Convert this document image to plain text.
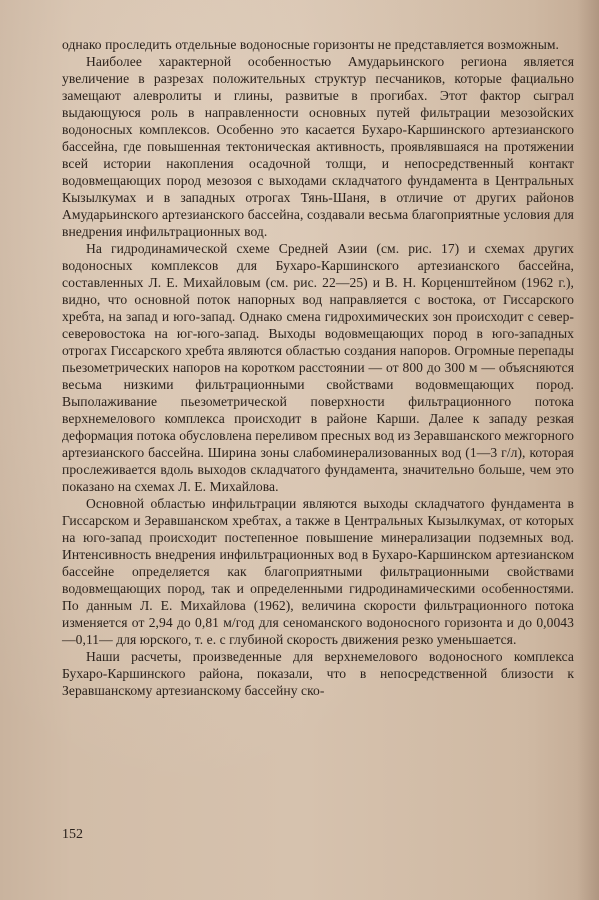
однако проследить отдельные водоносные горизонты не представляется возможным.

Наиболее характерной особенностью Амударьинского региона является увеличение в разрезах положительных структур песчаников, которые фациально замещают алевролиты и глины, развитые в прогибах. Этот фактор сыграл выдающуюся роль в направленности основных путей фильтрации мезозойских водоносных комплексов. Особенно это касается Бухаро-Каршинского артезианского бассейна, где повышенная тектоническая активность, проявлявшаяся на протяжении всей истории накопления осадочной толщи, и непосредственный контакт водовмещающих пород мезозоя с выходами складчатого фундамента в Центральных Кызылкумах и в западных отрогах Тянь-Шаня, в отличие от других районов Амударьинского артезианского бассейна, создавали весьма благоприятные условия для внедрения инфильтрационных вод.

На гидродинамической схеме Средней Азии (см. рис. 17) и схемах других водоносных комплексов для Бухаро-Каршинского артезианского бассейна, составленных Л. Е. Михайловым (см. рис. 22—25) и В. Н. Корценштейном (1962 г.), видно, что основной поток напорных вод направляется с востока, от Гиссарского хребта, на запад и юго-запад. Однако смена гидрохимических зон происходит с север-северовостока на юг-юго-запад. Выходы водовмещающих пород в юго-западных отрогах Гиссарского хребта являются областью создания напоров. Огромные перепады пьезометрических напоров на коротком расстоянии — от 800 до 300 м — объясняются весьма низкими фильтрационными свойствами водовмещающих пород. Выполаживание пьезометрической поверхности фильтрационного потока верхнемелового комплекса происходит в районе Карши. Далее к западу резкая деформация потока обусловлена переливом пресных вод из Зеравшанского межгорного артезианского бассейна. Ширина зоны слабоминерализованных вод (1—3 г/л), которая прослеживается вдоль выходов складчатого фундамента, значительно больше, чем это показано на схемах Л. Е. Михайлова.

Основной областью инфильтрации являются выходы складчатого фундамента в Гиссарском и Зеравшанском хребтах, а также в Центральных Кызылкумах, от которых на юго-запад происходит постепенное повышение минерализации подземных вод. Интенсивность внедрения инфильтрационных вод в Бухаро-Каршинском артезианском бассейне определяется как благоприятными фильтрационными свойствами водовмещающих пород, так и определенными гидродинамическими особенностями. По данным Л. Е. Михайлова (1962), величина скорости фильтрационного потока изменяется от 2,94 до 0,81 м/год для сеноманского водоносного горизонта и до 0,0043—0,11— для юрского, т. е. с глубиной скорость движения резко уменьшается.

Наши расчеты, произведенные для верхнемелового водоносного комплекса Бухаро-Каршинского района, показали, что в непосредственной близости к Зеравшанскому артезианскому бассейну ско-

152
